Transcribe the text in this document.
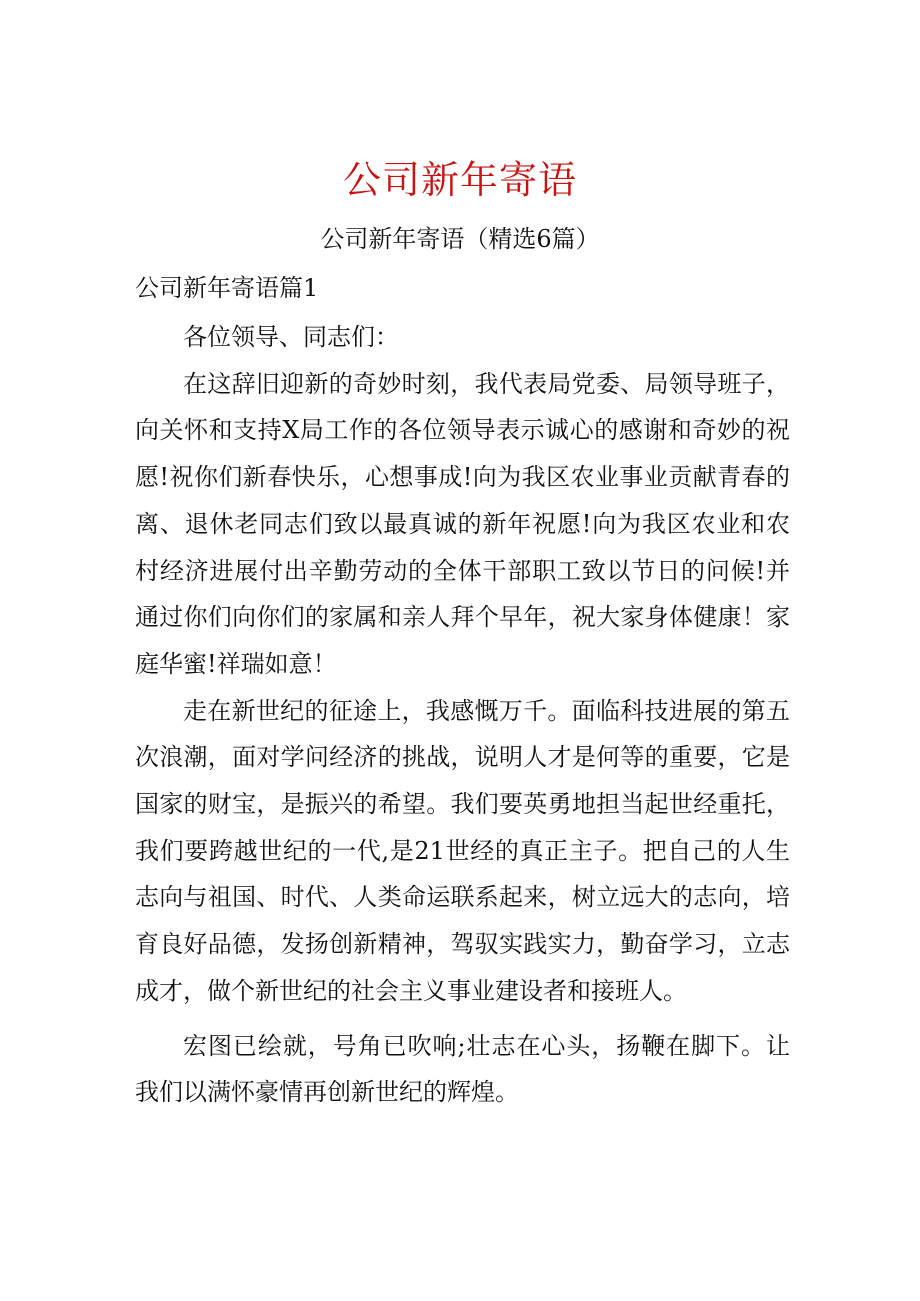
公司新年寄语
公司新年寄语（精选6篇）
公司新年寄语篇1

各位领导、同志们：

在这辞旧迎新的奇妙时刻，我代表局党委、局领导班子，向关怀和支持X局工作的各位领导表示诚心的感谢和奇妙的祝愿!祝你们新春快乐，心想事成!向为我区农业事业贡献青春的离、退休老同志们致以最真诚的新年祝愿!向为我区农业和农村经济进展付出辛勤劳动的全体干部职工致以节日的问候!并通过你们向你们的家属和亲人拜个早年，祝大家身体健康！家庭华蜜!祥瑞如意！

走在新世纪的征途上，我感慨万千。面临科技进展的第五次浪潮，面对学问经济的挑战，说明人才是何等的重要，它是国家的财宝，是振兴的希望。我们要英勇地担当起世经重托，我们要跨越世纪的一代,是21世经的真正主子。把自己的人生志向与祖国、时代、人类命运联系起来，树立远大的志向，培育良好品德，发扬创新精神，驾驭实践实力，勤奋学习，立志成才，做个新世纪的社会主义事业建设者和接班人。

宏图已绘就，号角已吹响;壮志在心头，扬鞭在脚下。让我们以满怀豪情再创新世纪的辉煌。
